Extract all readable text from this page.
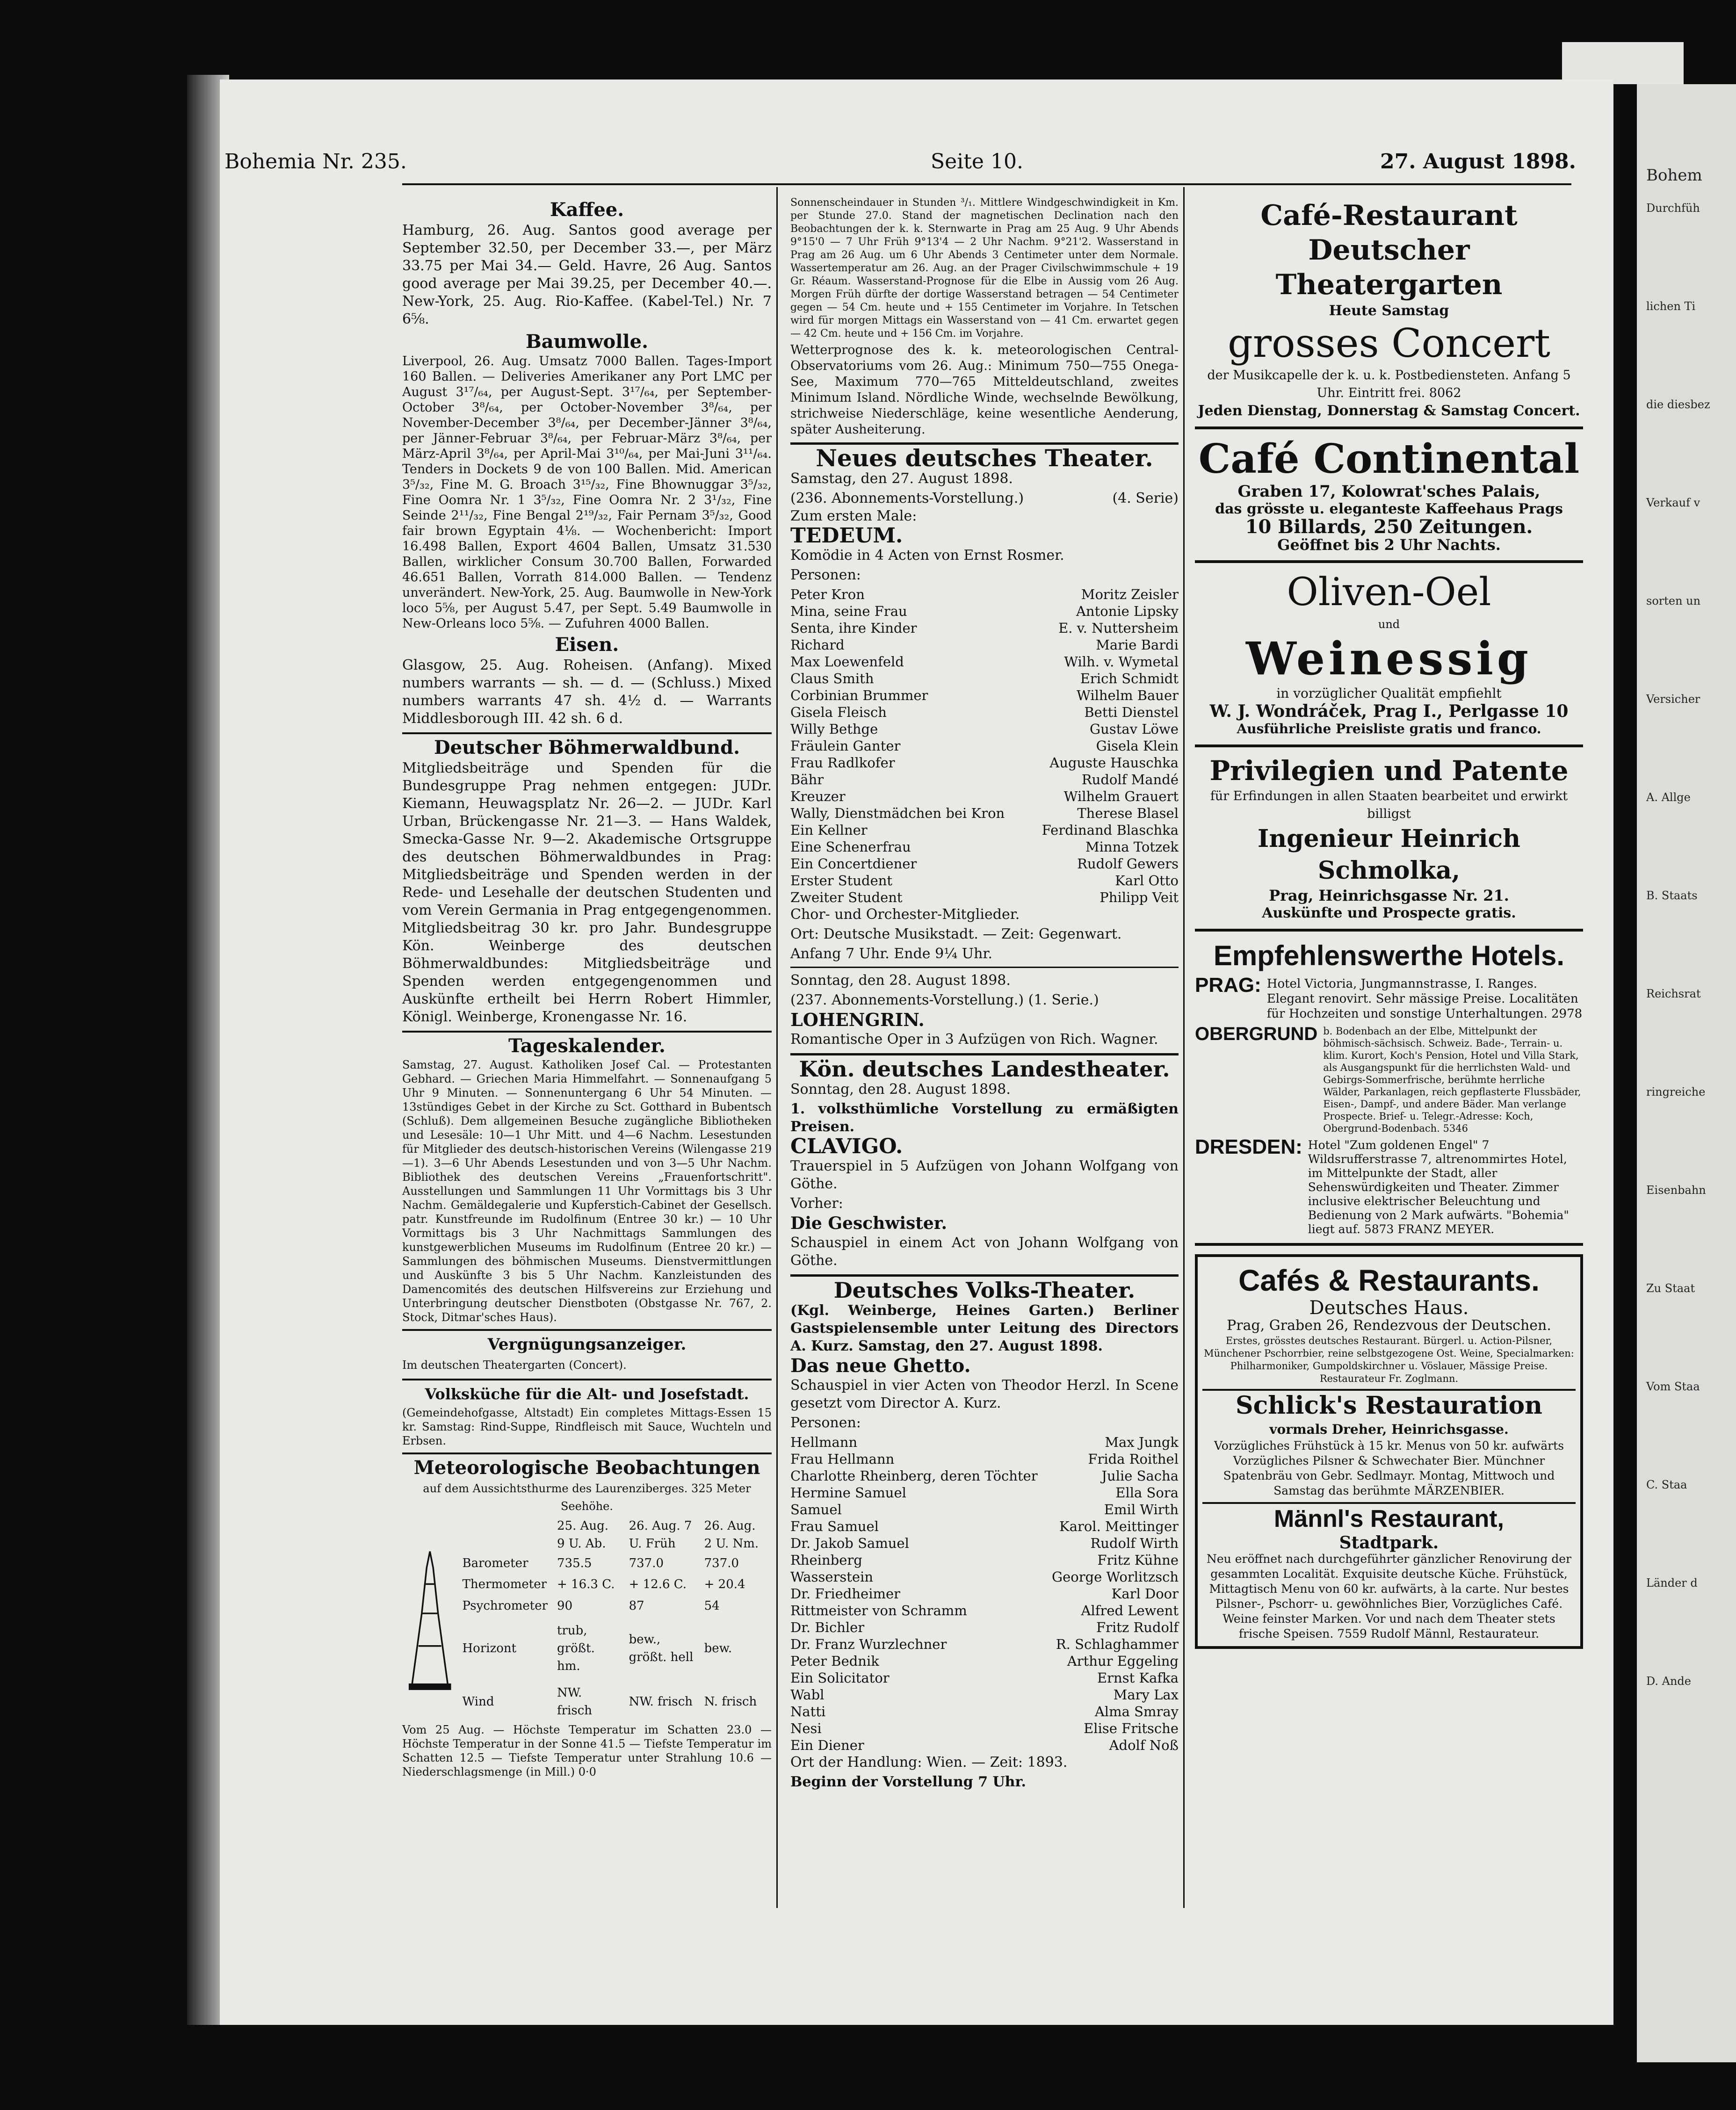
Bohemia Nr. 235.	Seite 10.	27. August 1898.
Kaffee.

Hamburg, 26. Aug. Santos good average per September 32.50, per December 33.—, per März 33.75 per Mai 34.— Geld. Havre, 26 Aug. Santos good average per Mai 39.25, per December 40.—. New-York, 25. Aug. Rio-Kaffee. (Kabel-Tel.) Nr. 7 6⅝.

Baumwolle.

Liverpool, 26. Aug. Umsatz 7000 Ballen. Tages-Import 160 Ballen. — Deliveries Amerikaner any Port LMC per August 3¹⁷/₆₄, per August-Sept. 3¹⁷/₆₄, per September-October 3⁸/₆₄, per October-November 3⁸/₆₄, per November-December 3⁸/₆₄, per December-Jänner 3⁸/₆₄, per Jänner-Februar 3⁸/₆₄, per Februar-März 3⁸/₆₄, per März-April 3⁸/₆₄, per April-Mai 3¹⁰/₆₄, per Mai-Juni 3¹¹/₆₄. Tenders in Dockets 9 de von 100 Ballen. Mid. American 3⁵/₃₂, Fine M. G. Broach 3¹⁵/₃₂, Fine Bhownuggar 3⁵/₃₂, Fine Oomra Nr. 1 3⁵/₃₂, Fine Oomra Nr. 2 3¹/₃₂, Fine Seinde 2¹¹/₃₂, Fine Bengal 2¹⁹/₃₂, Fair Pernam 3⁵/₃₂, Good fair brown Egyptain 4⅛. — Wochenbericht: Import 16.498 Ballen, Export 4604 Ballen, Umsatz 31.530 Ballen, wirklicher Consum 30.700 Ballen, Forwarded 46.651 Ballen, Vorrath 814.000 Ballen. — Tendenz unverändert. New-York, 25. Aug. Baumwolle in New-York loco 5⅝, per August 5.47, per Sept. 5.49 Baumwolle in New-Orleans loco 5⅝. — Zufuhren 4000 Ballen.

Eisen.

Glasgow, 25. Aug. Roheisen. (Anfang). Mixed numbers warrants — sh. — d. — (Schluss.) Mixed numbers warrants 47 sh. 4½ d. — Warrants Middlesborough III. 42 sh. 6 d.

Deutscher Böhmerwaldbund.

Mitgliedsbeiträge und Spenden für die Bundesgruppe Prag nehmen entgegen: JUDr. Kiemann, Heuwagsplatz Nr. 26—2. — JUDr. Karl Urban, Brückengasse Nr. 21—3. — Hans Waldek, Smecka-Gasse Nr. 9—2. Akademische Ortsgruppe des deutschen Böhmerwaldbundes in Prag: Mitgliedsbeiträge und Spenden werden in der Rede- und Lesehalle der deutschen Studenten und vom Verein Germania in Prag entgegengenommen. Mitgliedsbeitrag 30 kr. pro Jahr. Bundesgruppe Kön. Weinberge des deutschen Böhmerwaldbundes: Mitgliedsbeiträge und Spenden werden entgegengenommen und Auskünfte ertheilt bei Herrn Robert Himmler, Königl. Weinberge, Kronengasse Nr. 16.

Tageskalender.

Samstag, 27. August. Katholiken Josef Cal. — Protestanten Gebhard. — Griechen Maria Himmelfahrt. — Sonnenaufgang 5 Uhr 9 Minuten. — Sonnenuntergang 6 Uhr 54 Minuten. — 13stündiges Gebet in der Kirche zu Sct. Gotthard in Bubentsch (Schluß). Dem allgemeinen Besuche zugängliche Bibliotheken und Lesesäle: 10—1 Uhr Mitt. und 4—6 Nachm. Lesestunden für Mitglieder des deutsch-historischen Vereins (Wilengasse 219—1). 3—6 Uhr Abends Lesestunden und von 3—5 Uhr Nachm. Bibliothek des deutschen Vereins „Frauenfortschritt". Ausstellungen und Sammlungen 11 Uhr Vormittags bis 3 Uhr Nachm. Gemäldegalerie und Kupferstich-Cabinet der Gesellsch. patr. Kunstfreunde im Rudolfinum (Entree 30 kr.) — 10 Uhr Vormittags bis 3 Uhr Nachmittags Sammlungen des kunstgewerblichen Museums im Rudolfinum (Entree 20 kr.) — Sammlungen des böhmischen Museums. Dienstvermittlungen und Auskünfte 3 bis 5 Uhr Nachm. Kanzleistunden des Damencomités des deutschen Hilfsvereins zur Erziehung und Unterbringung deutscher Dienstboten (Obstgasse Nr. 767, 2. Stock, Ditmar'sches Haus).

Vergnügungsanzeiger.

Im deutschen Theatergarten (Concert).

Volksküche für die Alt- und Josefstadt.

(Gemeindehofgasse, Altstadt) Ein completes Mittags-Essen 15 kr. Samstag: Rind-Suppe, Rindfleisch mit Sauce, Wuchteln und Erbsen.

Meteorologische Beobachtungen

auf dem Aussichtsthurme des Laurenziberges. 325 Meter Seehöhe.

	25. Aug. 9 U. Ab.	26. Aug. 7 U. Früh	26. Aug. 2 U. Nm.
Barometer	735.5	737.0	737.0
Thermometer	+ 16.3 C.	+ 12.6 C.	+ 20.4
Psychrometer	90	87	54
Horizont	trub, größt. hm.	bew., größt. hell	bew.
Wind	NW. frisch	NW. frisch	N. frisch

Vom 25 Aug. — Höchste Temperatur im Schatten 23.0 — Höchste Temperatur in der Sonne 41.5 — Tiefste Temperatur im Schatten 12.5 — Tiefste Temperatur unter Strahlung 10.6 — Niederschlagsmenge (in Mill.) 0·0

Sonnenscheindauer in Stunden ³/₁. Mittlere Windgeschwindigkeit in Km. per Stunde 27.0. Stand der magnetischen Declination nach den Beobachtungen der k. k. Sternwarte in Prag am 25 Aug. 9 Uhr Abends 9°15'0 — 7 Uhr Früh 9°13'4 — 2 Uhr Nachm. 9°21'2. Wasserstand in Prag am 26 Aug. um 6 Uhr Abends 3 Centimeter unter dem Normale. Wassertemperatur am 26. Aug. an der Prager Civilschwimmschule + 19 Gr. Réaum. Wasserstand-Prognose für die Elbe in Aussig vom 26 Aug. Morgen Früh dürfte der dortige Wasserstand betragen — 54 Centimeter gegen — 54 Cm. heute und + 155 Centimeter im Vorjahre. In Tetschen wird für morgen Mittags ein Wasserstand von — 41 Cm. erwartet gegen — 42 Cm. heute und + 156 Cm. im Vorjahre.

Wetterprognose des k. k. meteorologischen Central-Observatoriums vom 26. Aug.: Minimum 750—755 Onega-See, Maximum 770—765 Mitteldeutschland, zweites Minimum Island. Nördliche Winde, wechselnde Bewölkung, strichweise Niederschläge, keine wesentliche Aenderung, später Ausheiterung.

Neues deutsches Theater.

Samstag, den 27. August 1898.

(236. Abonnements-Vorstellung.)	(4. Serie)

Zum ersten Male:

TEDEUM.

Komödie in 4 Acten von Ernst Rosmer.

Personen:

Peter Kron	Moritz Zeisler
Mina, seine Frau	Antonie Lipsky
Senta, ihre Kinder	E. v. Nuttersheim
Richard	Marie Bardi
Max Loewenfeld	Wilh. v. Wymetal
Claus Smith	Erich Schmidt
Corbinian Brummer	Wilhelm Bauer
Gisela Fleisch	Betti Dienstel
Willy Bethge	Gustav Löwe
Fräulein Ganter	Gisela Klein
Frau Radlkofer	Auguste Hauschka
Bähr	Rudolf Mandé
Kreuzer	Wilhelm Grauert
Wally, Dienstmädchen bei Kron	Therese Blasel
Ein Kellner	Ferdinand Blaschka
Eine Schenerfrau	Minna Totzek
Ein Concertdiener	Rudolf Gewers
Erster Student	Karl Otto
Zweiter Student	Philipp Veit

Chor- und Orchester-Mitglieder.

Ort: Deutsche Musikstadt. — Zeit: Gegenwart.

Anfang 7 Uhr. Ende 9¼ Uhr.

Sonntag, den 28. August 1898.

(237. Abonnements-Vorstellung.) (1. Serie.)

LOHENGRIN.

Romantische Oper in 3 Aufzügen von Rich. Wagner.

Kön. deutsches Landestheater.

Sonntag, den 28. August 1898.

1. volksthümliche Vorstellung zu ermäßigten Preisen.

CLAVIGO.

Trauerspiel in 5 Aufzügen von Johann Wolfgang von Göthe.

Vorher:

Die Geschwister.

Schauspiel in einem Act von Johann Wolfgang von Göthe.

Deutsches Volks-Theater.

(Kgl. Weinberge, Heines Garten.) Berliner Gastspielensemble unter Leitung des Directors A. Kurz. Samstag, den 27. August 1898.

Das neue Ghetto.

Schauspiel in vier Acten von Theodor Herzl. In Scene gesetzt vom Director A. Kurz.

Personen:

Hellmann	Max Jungk
Frau Hellmann	Frida Roithel
Charlotte Rheinberg, deren Töchter	Julie Sacha
Hermine Samuel	Ella Sora
Samuel	Emil Wirth
Frau Samuel	Karol. Meittinger
Dr. Jakob Samuel	Rudolf Wirth
Rheinberg	Fritz Kühne
Wasserstein	George Worlitzsch
Dr. Friedheimer	Karl Door
Rittmeister von Schramm	Alfred Lewent
Dr. Bichler	Fritz Rudolf
Dr. Franz Wurzlechner	R. Schlaghammer
Peter Bednik	Arthur Eggeling
Ein Solicitator	Ernst Kafka
Wabl	Mary Lax
Natti	Alma Smray
Nesi	Elise Fritsche
Ein Diener	Adolf Noß

Ort der Handlung: Wien. — Zeit: 1893.

Beginn der Vorstellung 7 Uhr.

Café-Restaurant
Deutscher Theatergarten
Heute Samstag
grosses Concert
der Musikcapelle der k. u. k. Postbediensteten. Anfang 5 Uhr. Eintritt frei. 8062
Jeden Dienstag, Donnerstag & Samstag Concert.
Café Continental
Graben 17, Kolowrat'sches Palais,
das grösste u. eleganteste Kaffeehaus Prags
10 Billards, 250 Zeitungen.
Geöffnet bis 2 Uhr Nachts.
Oliven-Oel
und
Weinessig
in vorzüglicher Qualität empfiehlt
W. J. Wondráček, Prag I., Perlgasse 10
Ausführliche Preisliste gratis und franco.
Privilegien und Patente
für Erfindungen in allen Staaten bearbeitet und erwirkt billigst
Ingenieur Heinrich Schmolka,
Prag, Heinrichsgasse Nr. 21.
Auskünfte und Prospecte gratis.
Empfehlenswerthe Hotels.
PRAG: Hotel Victoria, Jungmannstrasse, I. Ranges. Elegant renovirt. Sehr mässige Preise. Localitäten für Hochzeiten und sonstige Unterhaltungen. 2978
OBERGRUND b. Bodenbach an der Elbe, Mittelpunkt der böhmisch-sächsisch. Schweiz. Bade-, Terrain- u. klim. Kurort, Koch's Pension, Hotel und Villa Stark, als Ausgangspunkt für die herrlichsten Wald- und Gebirgs-Sommerfrische, berühmte herrliche Wälder, Parkanlagen, reich gepflasterte Flussbäder, Eisen-, Dampf-, und andere Bäder. Man verlange Prospecte. Brief- u. Telegr.-Adresse: Koch, Obergrund-Bodenbach. 5346
DRESDEN: Hotel "Zum goldenen Engel" 7 Wildsrufferstrasse 7, altrenommirtes Hotel, im Mittelpunkte der Stadt, aller Sehenswürdigkeiten und Theater. Zimmer inclusive elektrischer Beleuchtung und Bedienung von 2 Mark aufwärts. "Bohemia" liegt auf. 5873 FRANZ MEYER.
Cafés & Restaurants.
Deutsches Haus.
Prag, Graben 26, Rendezvous der Deutschen.
Erstes, grösstes deutsches Restaurant. Bürgerl. u. Action-Pilsner, Münchener Pschorrbier, reine selbstgezogene Ost. Weine, Specialmarken: Philharmoniker, Gumpoldskirchner u. Vöslauer, Mässige Preise. Restaurateur Fr. Zoglmann.
Schlick's Restauration
vormals Dreher, Heinrichsgasse.
Vorzügliches Frühstück à 15 kr. Menus von 50 kr. aufwärts Vorzügliches Pilsner & Schwechater Bier. Münchner Spatenbräu von Gebr. Sedlmayr. Montag, Mittwoch und Samstag das berühmte MÄRZENBIER.
Männl's Restaurant,
Stadtpark.
Neu eröffnet nach durchgeführter gänzlicher Renovirung der gesammten Localität. Exquisite deutsche Küche. Frühstück, Mittagtisch Menu von 60 kr. aufwärts, à la carte. Nur bestes Pilsner-, Pschorr- u. gewöhnliches Bier, Vorzügliches Café. Weine feinster Marken. Vor und nach dem Theater stets frische Speisen. 7559 Rudolf Männl, Restaurateur.
Bohem
Durchfüh
lichen Ti
die diesbez
Verkauf v
sorten un
Versicher
A. Allge
B. Staats
Reichsrat
ringreiche
Eisenbahn
Zu Staat
Vom Staa
C. Staa
Länder d
D. Ande
